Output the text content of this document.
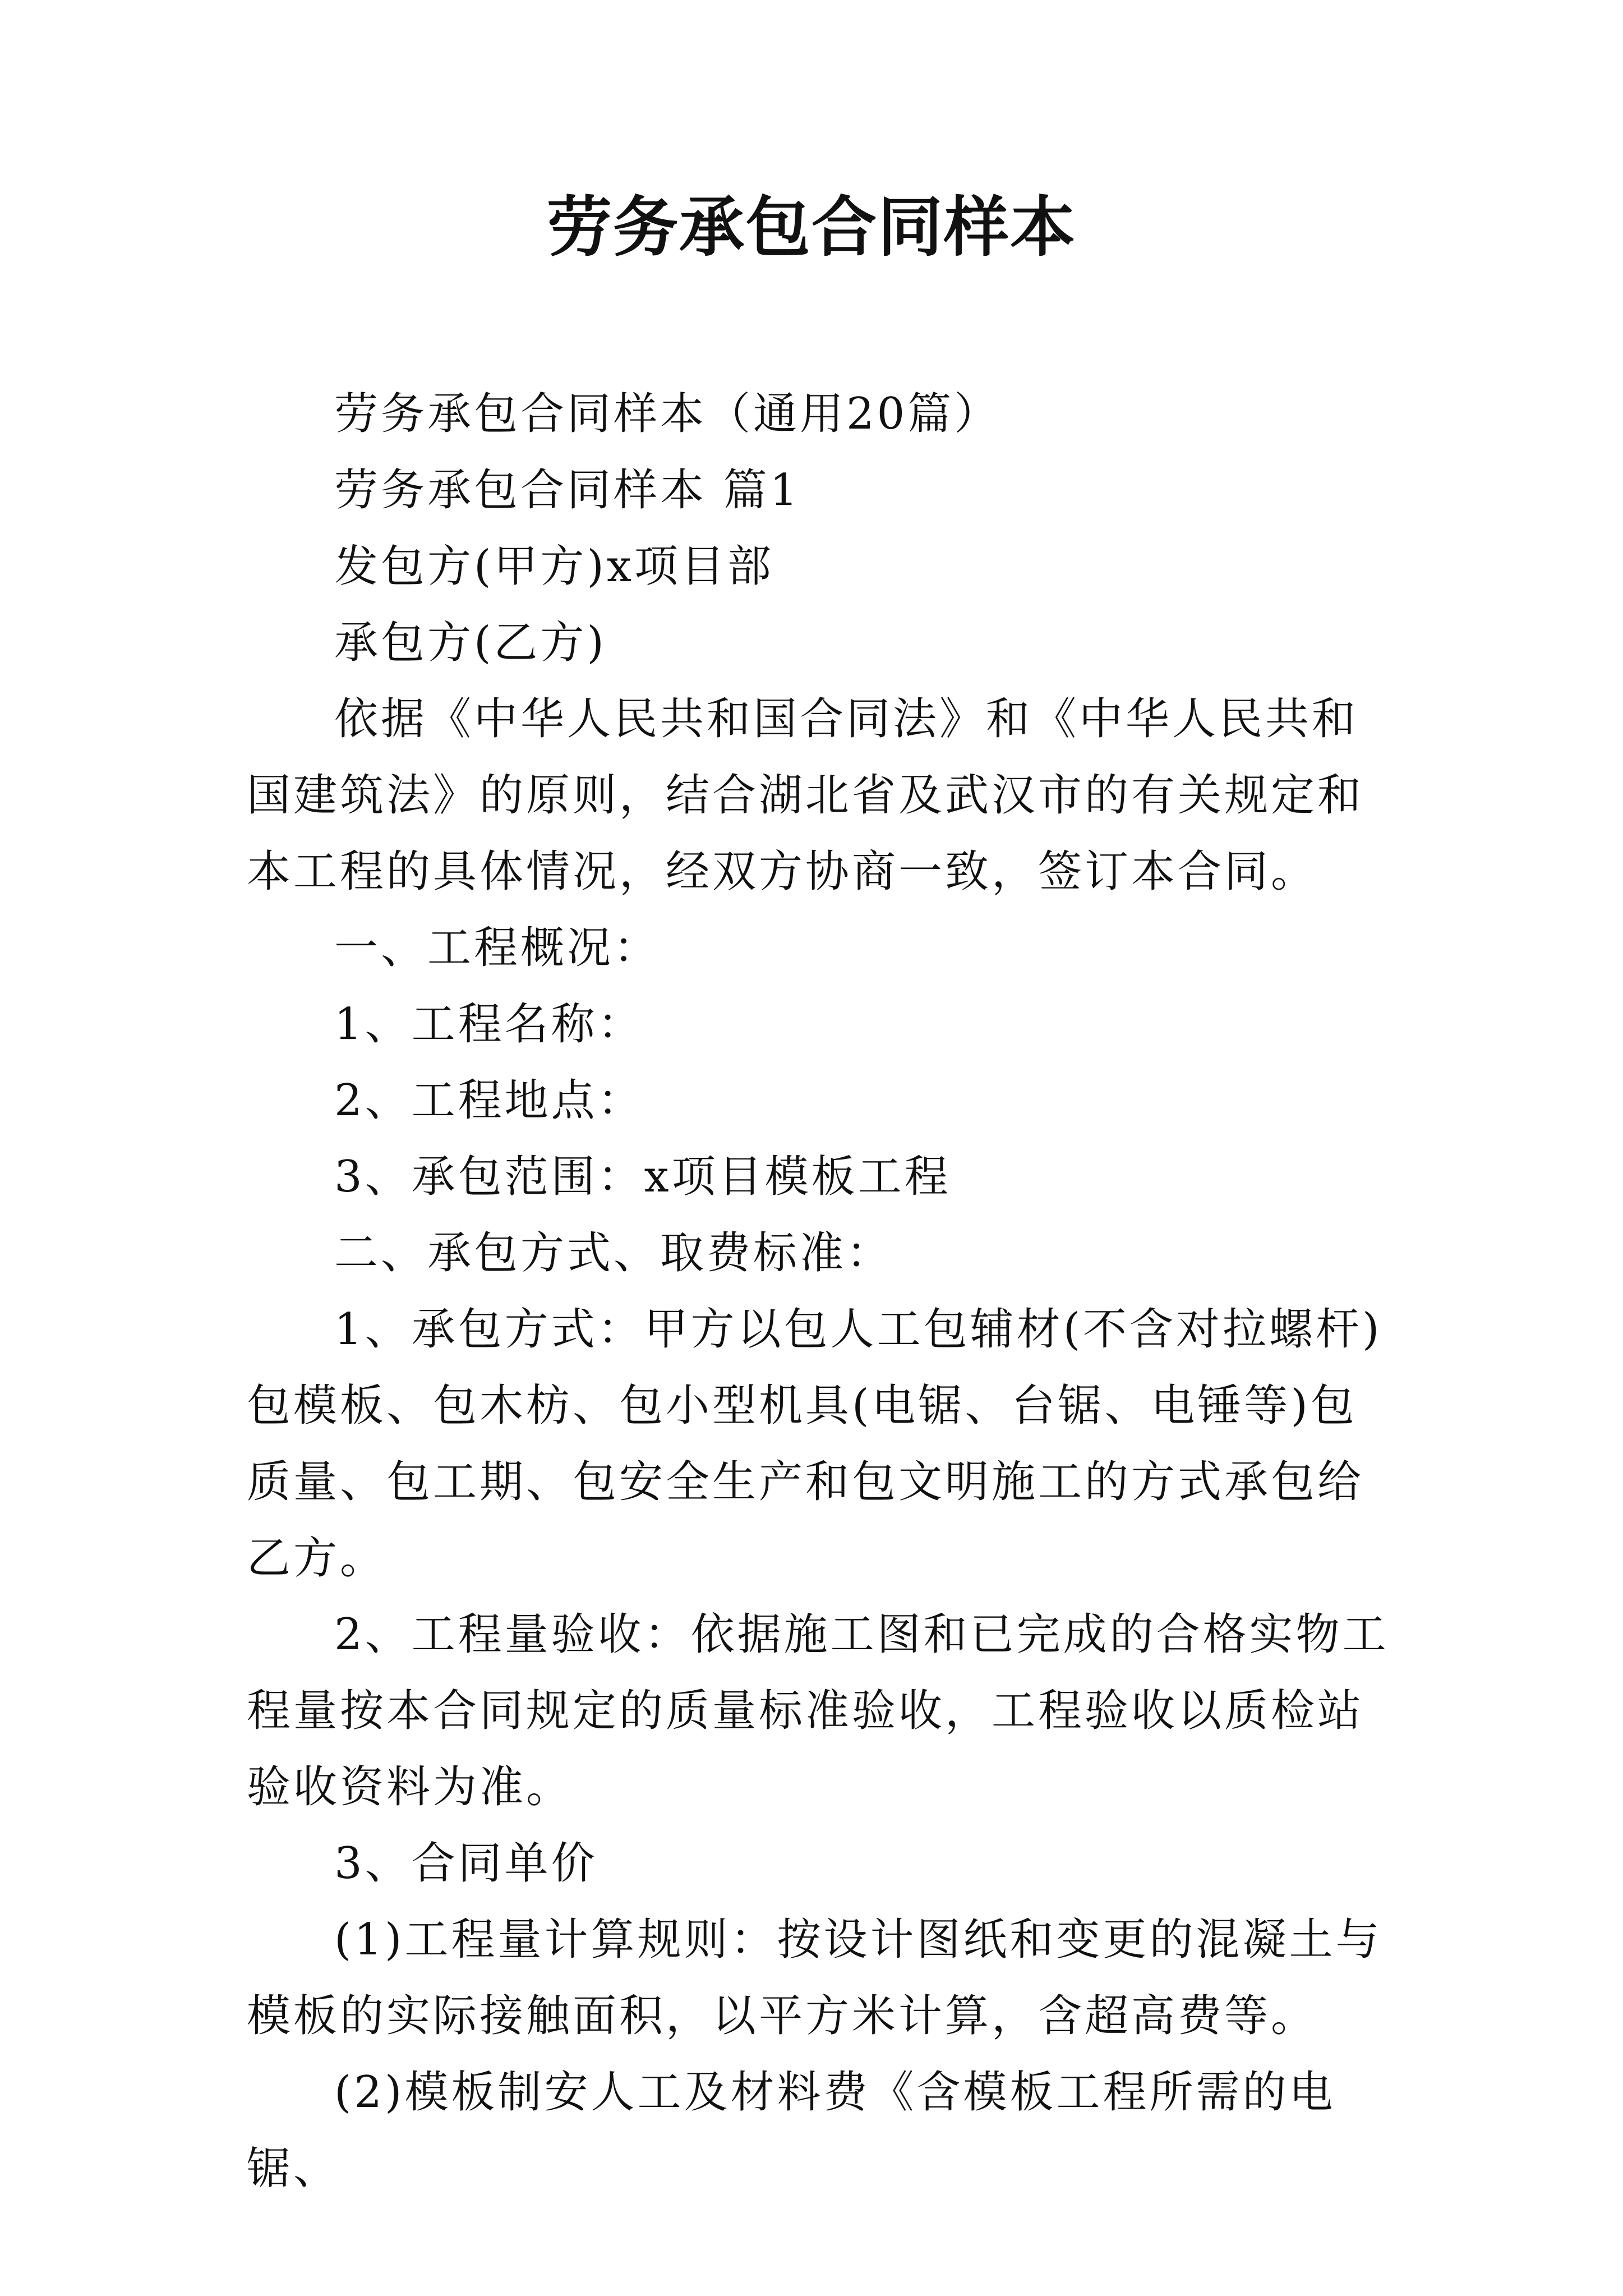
劳务承包合同样本

劳务承包合同样本（通用20篇）

劳务承包合同样本 篇1

发包方(甲方)x项目部

承包方(乙方)

依据《中华人民共和国合同法》和《中华人民共和国建筑法》的原则，结合湖北省及武汉市的有关规定和本工程的具体情况，经双方协商一致，签订本合同。

一、工程概况：

1、工程名称：

2、工程地点：

3、承包范围：x项目模板工程

二、承包方式、取费标准：

1、承包方式：甲方以包人工包辅材(不含对拉螺杆)包模板、包木枋、包小型机具(电锯、台锯、电锤等)包质量、包工期、包安全生产和包文明施工的方式承包给乙方。

2、工程量验收：依据施工图和已完成的合格实物工程量按本合同规定的质量标准验收，工程验收以质检站验收资料为准。

3、合同单价

(1)工程量计算规则：按设计图纸和变更的混凝土与模板的实际接触面积，以平方米计算，含超高费等。

(2)模板制安人工及材料费《含模板工程所需的电锯、
